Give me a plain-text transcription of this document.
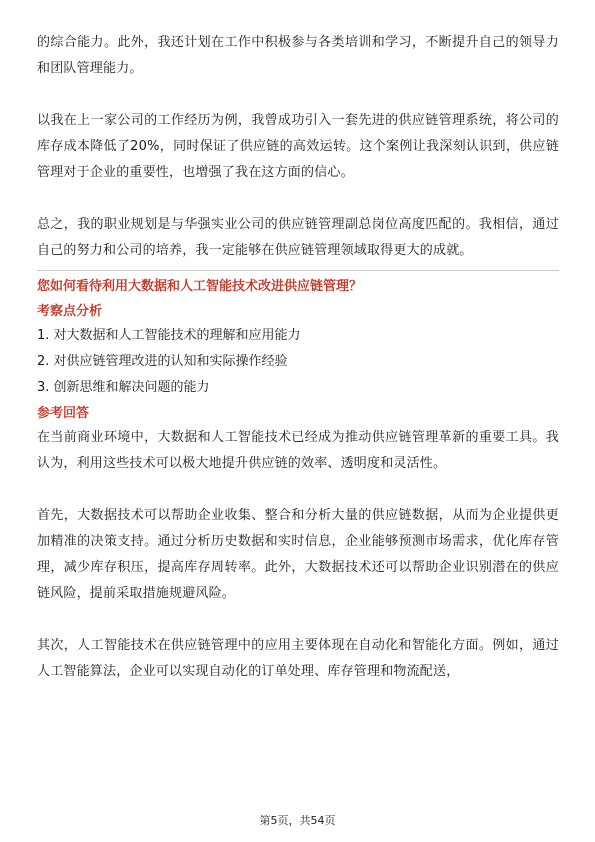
的综合能力。此外，我还计划在工作中积极参与各类培训和学习，不断提升自己的领导力和团队管理能力。

以我在上一家公司的工作经历为例，我曾成功引入一套先进的供应链管理系统，将公司的库存成本降低了20%，同时保证了供应链的高效运转。这个案例让我深刻认识到，供应链管理对于企业的重要性，也增强了我在这方面的信心。

总之，我的职业规划是与华强实业公司的供应链管理副总岗位高度匹配的。我相信，通过自己的努力和公司的培养，我一定能够在供应链管理领域取得更大的成就。

您如何看待利用大数据和人工智能技术改进供应链管理？

考察点分析

1. 对大数据和人工智能技术的理解和应用能力

2. 对供应链管理改进的认知和实际操作经验

3. 创新思维和解决问题的能力

参考回答

在当前商业环境中，大数据和人工智能技术已经成为推动供应链管理革新的重要工具。我认为，利用这些技术可以极大地提升供应链的效率、透明度和灵活性。

首先，大数据技术可以帮助企业收集、整合和分析大量的供应链数据，从而为企业提供更加精准的决策支持。通过分析历史数据和实时信息，企业能够预测市场需求，优化库存管理，减少库存积压，提高库存周转率。此外，大数据技术还可以帮助企业识别潜在的供应链风险，提前采取措施规避风险。

其次，人工智能技术在供应链管理中的应用主要体现在自动化和智能化方面。例如，通过人工智能算法，企业可以实现自动化的订单处理、库存管理和物流配送，

第5页，共54页
